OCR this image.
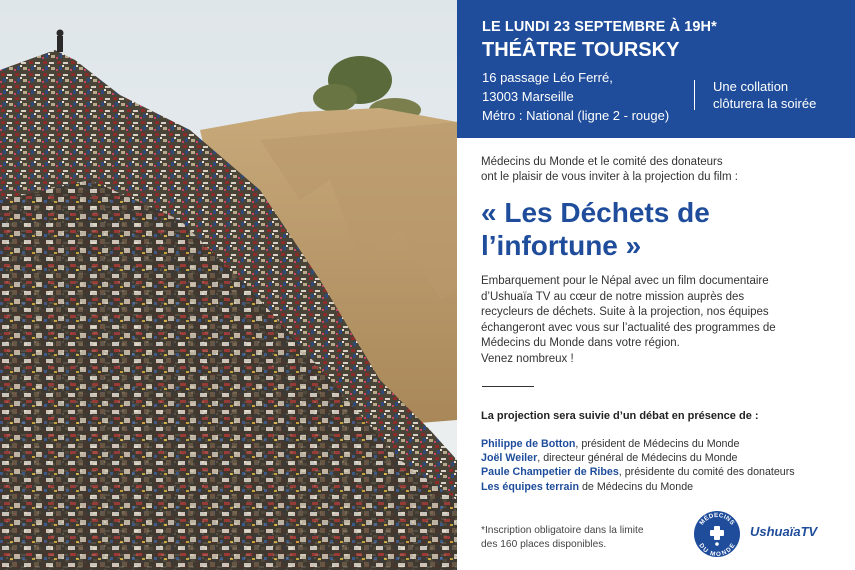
LE LUNDI 23 SEPTEMBRE À 19H*
THÉÂTRE TOURSKY
16 passage Léo Ferré,
13003 Marseille
Métro : National (ligne 2 - rouge)
Une collation
clôturera la soirée
Médecins du Monde et le comité des donateurs
ont le plaisir de vous inviter à la projection du film :
« Les Déchets de
l’infortune »
Embarquement pour le Népal avec un film documentaire
d’Ushuaïa TV au cœur de notre mission auprès des
recycleurs de déchets. Suite à la projection, nos équipes
échangeront avec vous sur l’actualité des programmes de
Médecins du Monde dans votre région.
Venez nombreux !
La projection sera suivie d’un débat en présence de :
Philippe de Botton, président de Médecins du Monde
Joël Weiler, directeur général de Médecins du Monde
Paule Champetier de Ribes, présidente du comité des donateurs
Les équipes terrain de Médecins du Monde
*Inscription obligatoire dans la limite
des 160 places disponibles.
MÉDECINS
DU MONDE
UshuaïaTV
